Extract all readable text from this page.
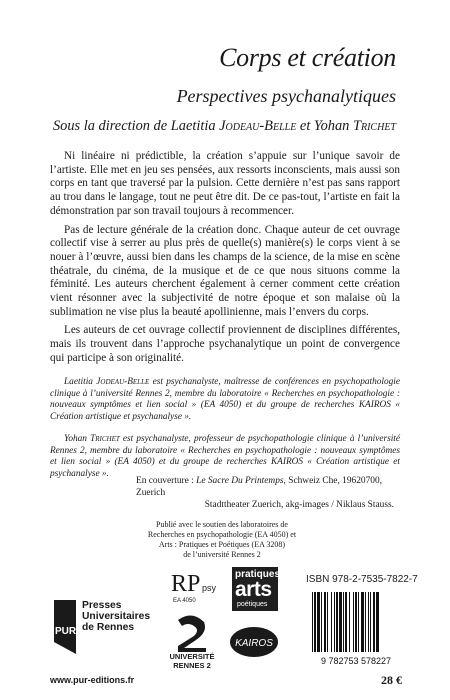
Corps et création
Perspectives psychanalytiques
Sous la direction de Laetitia Jodeau-Belle et Yohan Trichet

Ni linéaire ni prédictible, la création s’appuie sur l’unique savoir de l’artiste. Elle met en jeu ses pensées, aux ressorts inconscients, mais aussi son corps en tant que traversé par la pulsion. Cette dernière n’est pas sans rapport au trou dans le langage, tout ne peut être dit. De ce pas-tout, l’artiste en fait la démonstration par son travail toujours à recommencer.

Pas de lecture générale de la création donc. Chaque auteur de cet ouvrage collectif vise à serrer au plus près de quelle(s) manière(s) le corps vient à se nouer à l’œuvre, aussi bien dans les champs de la science, de la mise en scène théatrale, du cinéma, de la musique et de ce que nous situons comme la féminité. Les auteurs cherchent également à cerner comment cette création vient résonner avec la subjectivité de notre époque et son malaise où la sublimation ne vise plus la beauté apollinienne, mais l’envers du corps.

Les auteurs de cet ouvrage collectif proviennent de disciplines différentes, mais ils trouvent dans l’approche psychanalytique un point de convergence qui participe à son originalité.

Laetitia Jodeau-Belle est psychanalyste, maîtresse de conférences en psychopathologie clinique à l’université Rennes 2, membre du laboratoire « Recherches en psychopathologie : nouveaux symptômes et lien social » (EA 4050) et du groupe de recherches KAIROS « Création artistique et psychanalyse ».

Yohan Trichet est psychanalyste, professeur de psychopathologie clinique à l’université Rennes 2, membre du laboratoire « Recherches en psychopathologie : nouveaux symptômes et lien social » (EA 4050) et du groupe de recherches KAIROS « Création artistique et psychanalyse ».

En couverture : Le Sacre Du Printemps, Schweiz Che, 19620700, Zuerich
Stadttheater Zuerich, akg-images / Niklaus Stauss.
Publié avec le soutien des laboratoires de
Recherches en psychopathologie (EA 4050) et
Arts : Pratiques et Poétiques (EA 3208)
de l’université Rennes 2
PUR
Presses
Universitaires
de Rennes
www.pur-editions.fr
RP psy
EA 4050
pratiques
arts
poétiques
UNIVERSITÉ
RENNES 2
KAIROS
ISBN 978-2-7535-7822-7
9 782753 578227
28 €
